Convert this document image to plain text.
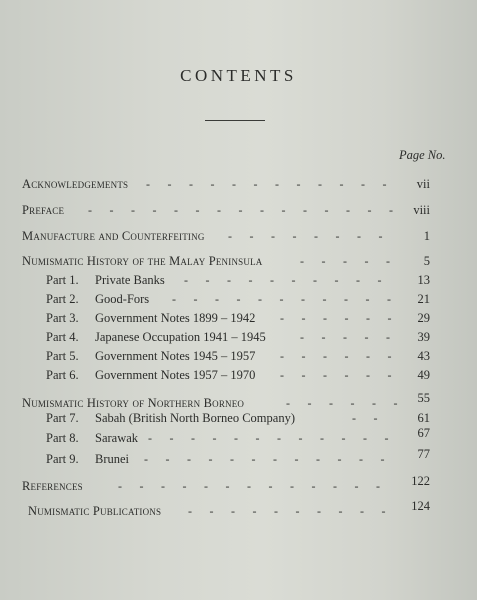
CONTENTS
Page No.
Acknowledgements - - - - - - - - - - - -	vii
Preface - - - - - - - - - - - - - - -	viii
Manufacture and Counterfeiting - - - - - - - -	1
Numismatic History of the Malay Peninsula	- - - - -	5
Part 1. Private Banks - - - - - - - - - -	13
Part 2. Good-Fors - - - - - - - - - - -	21
Part 3. Government Notes 1899 – 1942 - - - - - -	29
Part 4. Japanese Occupation 1941 – 1945	- - - - -	39
Part 5. Government Notes 1945 – 1957 - - - - - -	43
Part 6. Government Notes 1957 – 1970 - - - - - -	49
Numismatic History of Northern Borneo	- - - - - -	55
Part 7. Sabah (British North Borneo Company)	- -	61
Part 8. Sarawak - - - - - - - - - - - -	67
Part 9. Brunei - - - - - - - - - - - -	77
References	- - - - - - - - - - - - -	122
Numismatic Publications - - - - - - - - - -	124
